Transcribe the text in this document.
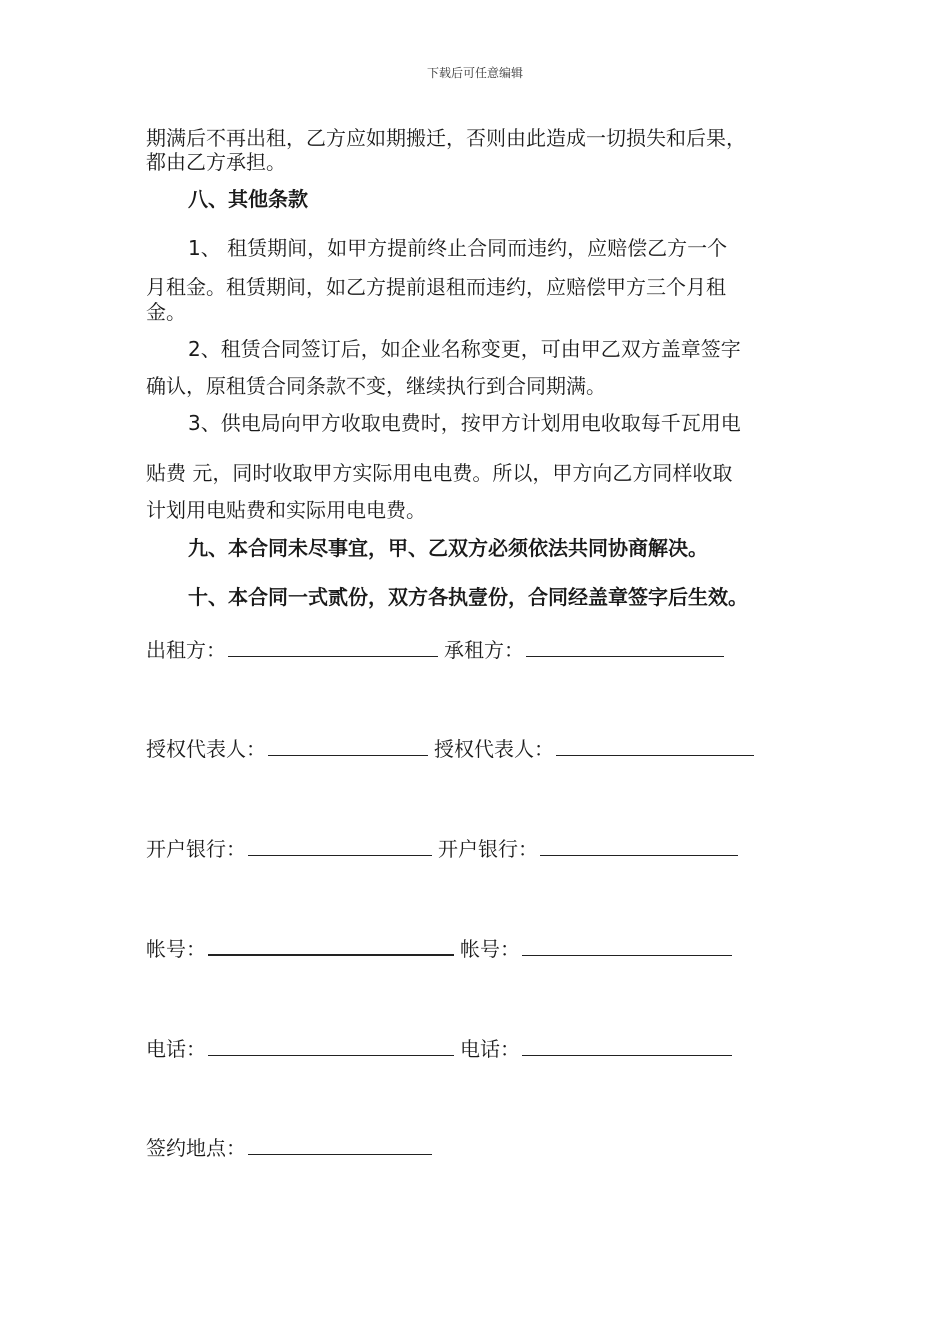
下载后可任意编辑
期满后不再出租，乙方应如期搬迁，否则由此造成一切损失和后果，
都由乙方承担。
八、其他条款
1、 租赁期间，如甲方提前终止合同而违约，应赔偿乙方一个
月租金。租赁期间，如乙方提前退租而违约，应赔偿甲方三个月租
金。
2、租赁合同签订后，如企业名称变更，可由甲乙双方盖章签字
确认，原租赁合同条款不变，继续执行到合同期满。
3、供电局向甲方收取电费时，按甲方计划用电收取每千瓦用电
贴费 元，同时收取甲方实际用电电费。所以，甲方向乙方同样收取
计划用电贴费和实际用电电费。
九、本合同未尽事宜，甲、乙双方必须依法共同协商解决。
十、本合同一式贰份，双方各执壹份，合同经盖章签字后生效。
出租方：	承租方：
授权代表人：	授权代表人：
开户银行：	开户银行：
帐号：	帐号：
电话：	电话：
签约地点：
